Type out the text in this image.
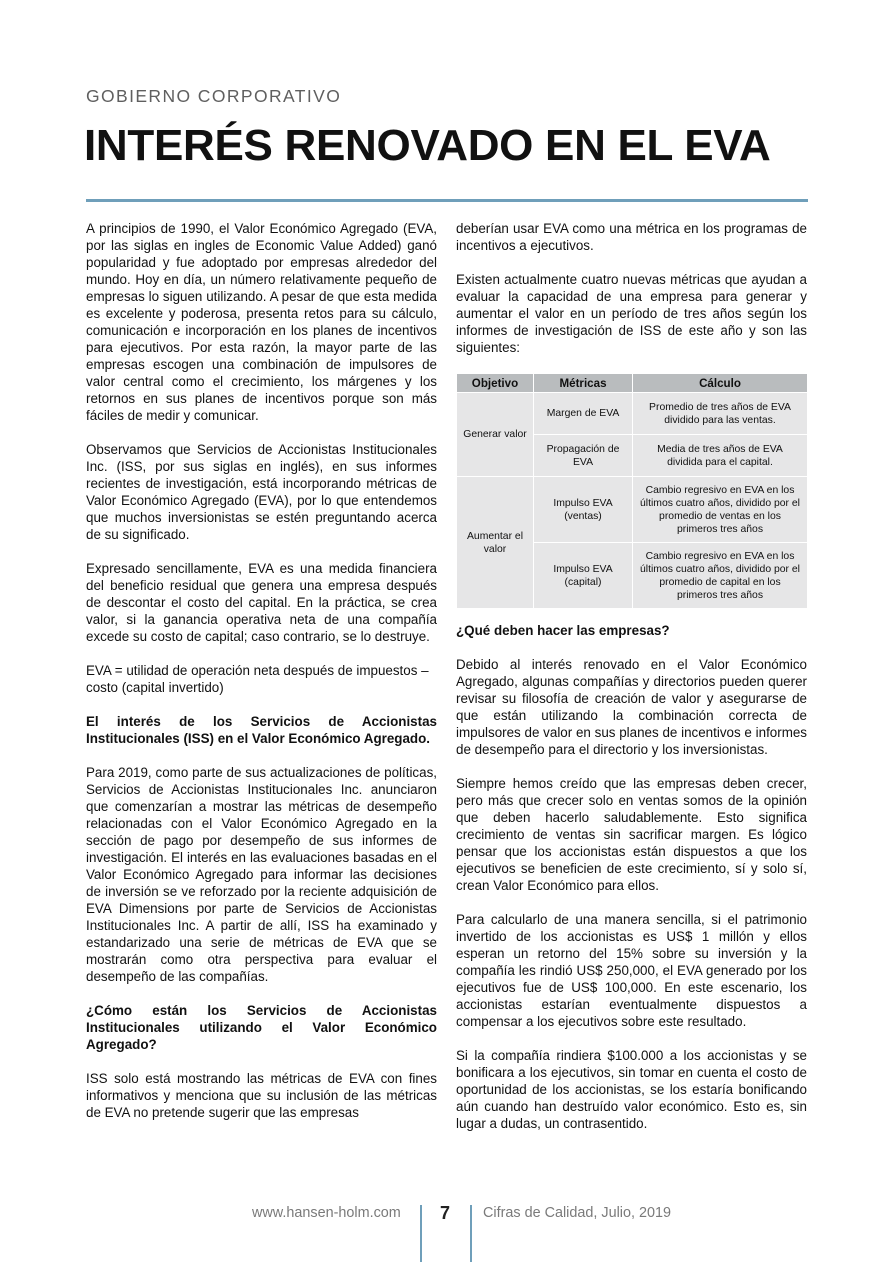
GOBIERNO CORPORATIVO
INTERÉS RENOVADO EN EL EVA

A principios de 1990, el Valor Económico Agregado (EVA, por las siglas en ingles de Economic Value Added) ganó popularidad y fue adoptado por empresas alrededor del mundo. Hoy en día, un número relativamente pequeño de empresas lo siguen utilizando. A pesar de que esta medida es excelente y poderosa, presenta retos para su cálculo, comunicación e incorporación en los planes de incentivos para ejecutivos. Por esta razón, la mayor parte de las empresas escogen una combinación de impulsores de valor central como el crecimiento, los márgenes y los retornos en sus planes de incentivos porque son más fáciles de medir y comunicar.

Observamos que Servicios de Accionistas Institucionales Inc. (ISS, por sus siglas en inglés), en sus informes recientes de investigación, está incorporando métricas de Valor Económico Agregado (EVA), por lo que entendemos que muchos inversionistas se estén preguntando acerca de su significado.

Expresado sencillamente, EVA es una medida financiera del beneficio residual que genera una empresa después de descontar el costo del capital. En la práctica, se crea valor, si la ganancia operativa neta de una compañía excede su costo de capital; caso contrario, se lo destruye.

EVA = utilidad de operación neta después de impuestos – costo (capital invertido)

El interés de los Servicios de Accionistas Institucionales (ISS) en el Valor Económico Agregado.

Para 2019, como parte de sus actualizaciones de políticas, Servicios de Accionistas Institucionales Inc. anunciaron que comenzarían a mostrar las métricas de desempeño relacionadas con el Valor Económico Agregado en la sección de pago por desempeño de sus informes de investigación. El interés en las evaluaciones basadas en el Valor Económico Agregado para informar las decisiones de inversión se ve reforzado por la reciente adquisición de EVA Dimensions por parte de Servicios de Accionistas Institucionales Inc. A partir de allí, ISS ha examinado y estandarizado una serie de métricas de EVA que se mostrarán como otra perspectiva para evaluar el desempeño de las compañías.

¿Cómo están los Servicios de Accionistas Institucionales utilizando el Valor Económico Agregado?

ISS solo está mostrando las métricas de EVA con fines informativos y menciona que su inclusión de las métricas de EVA no pretende sugerir que las empresas

deberían usar EVA como una métrica en los programas de incentivos a ejecutivos.

Existen actualmente cuatro nuevas métricas que ayudan a evaluar la capacidad de una empresa para generar y aumentar el valor en un período de tres años según los informes de investigación de ISS de este año y son las siguientes:

Objetivo	Métricas	Cálculo
Generar valor	Margen de EVA	Promedio de tres años de EVA dividido para las ventas.
	Propagación de EVA	Media de tres años de EVA dividida para el capital.
Aumentar el valor	Impulso EVA (ventas)	Cambio regresivo en EVA en los últimos cuatro años, dividido por el promedio de ventas en los primeros tres años
	Impulso EVA (capital)	Cambio regresivo en EVA en los últimos cuatro años, dividido por el promedio de capital en los primeros tres años
¿Qué deben hacer las empresas?

Debido al interés renovado en el Valor Económico Agregado, algunas compañías y directorios pueden querer revisar su filosofía de creación de valor y asegurarse de que están utilizando la combinación correcta de impulsores de valor en sus planes de incentivos e informes de desempeño para el directorio y los inversionistas.

Siempre hemos creído que las empresas deben crecer, pero más que crecer solo en ventas somos de la opinión que deben hacerlo saludablemente. Esto significa crecimiento de ventas sin sacrificar margen. Es lógico pensar que los accionistas están dispuestos a que los ejecutivos se beneficien de este crecimiento, sí y solo sí, crean Valor Económico para ellos.

Para calcularlo de una manera sencilla, si el patrimonio invertido de los accionistas es US$ 1 millón y ellos esperan un retorno del 15% sobre su inversión y la compañía les rindió US$ 250,000, el EVA generado por los ejecutivos fue de US$ 100,000. En este escenario, los accionistas estarían eventualmente dispuestos a compensar a los ejecutivos sobre este resultado.

Si la compañía rindiera $100.000 a los accionistas y se bonificara a los ejecutivos, sin tomar en cuenta el costo de oportunidad de los accionistas, se los estaría bonificando aún cuando han destruído valor económico. Esto es, sin lugar a dudas, un contrasentido.

www.hansen-holm.com 7 Cifras de Calidad, Julio, 2019
